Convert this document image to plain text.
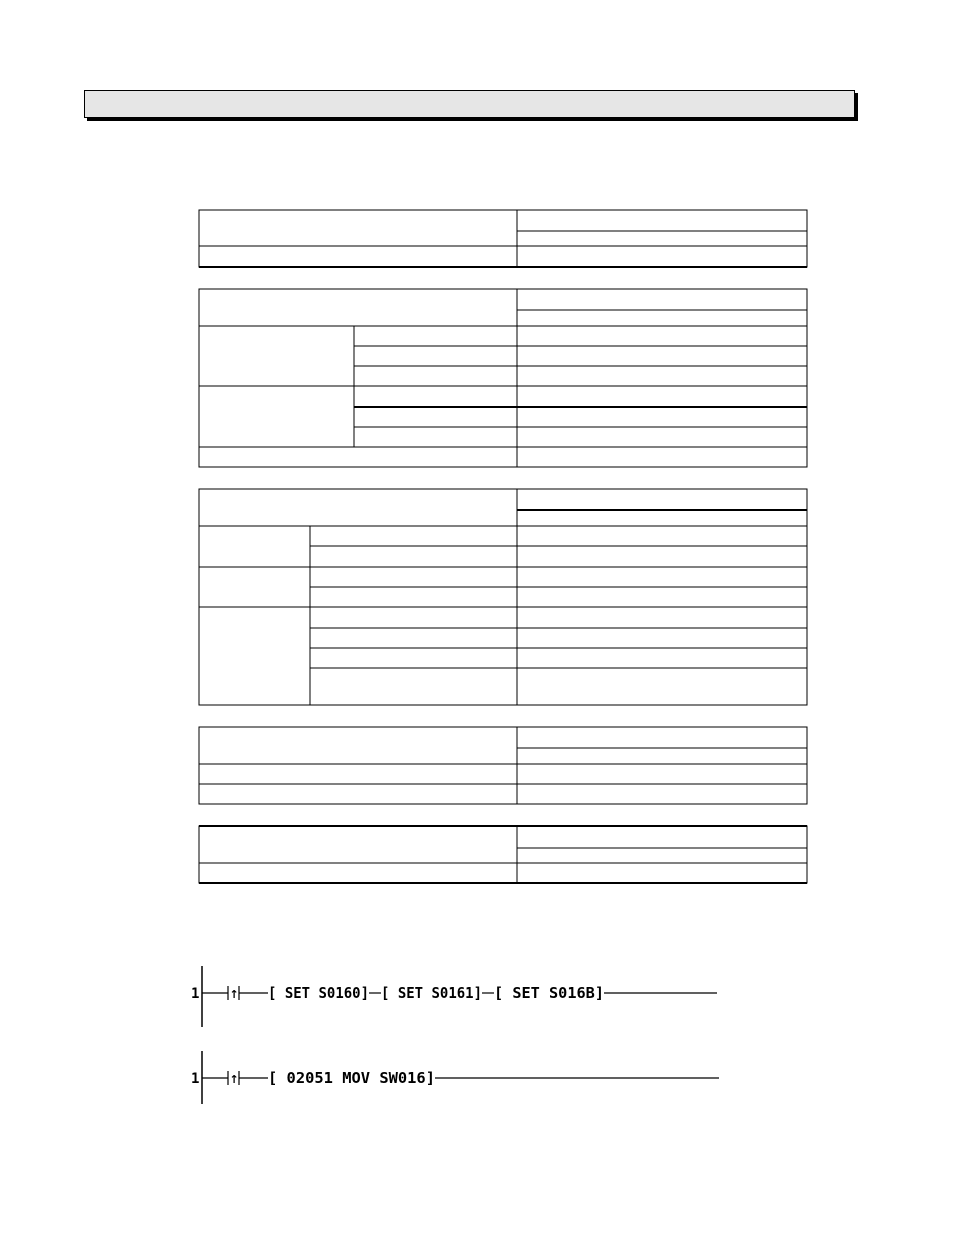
1	↑ [ SET S0160] [ SET S0161] [ SET S016B]
1	↑ [ 02051 MOV SW016]
